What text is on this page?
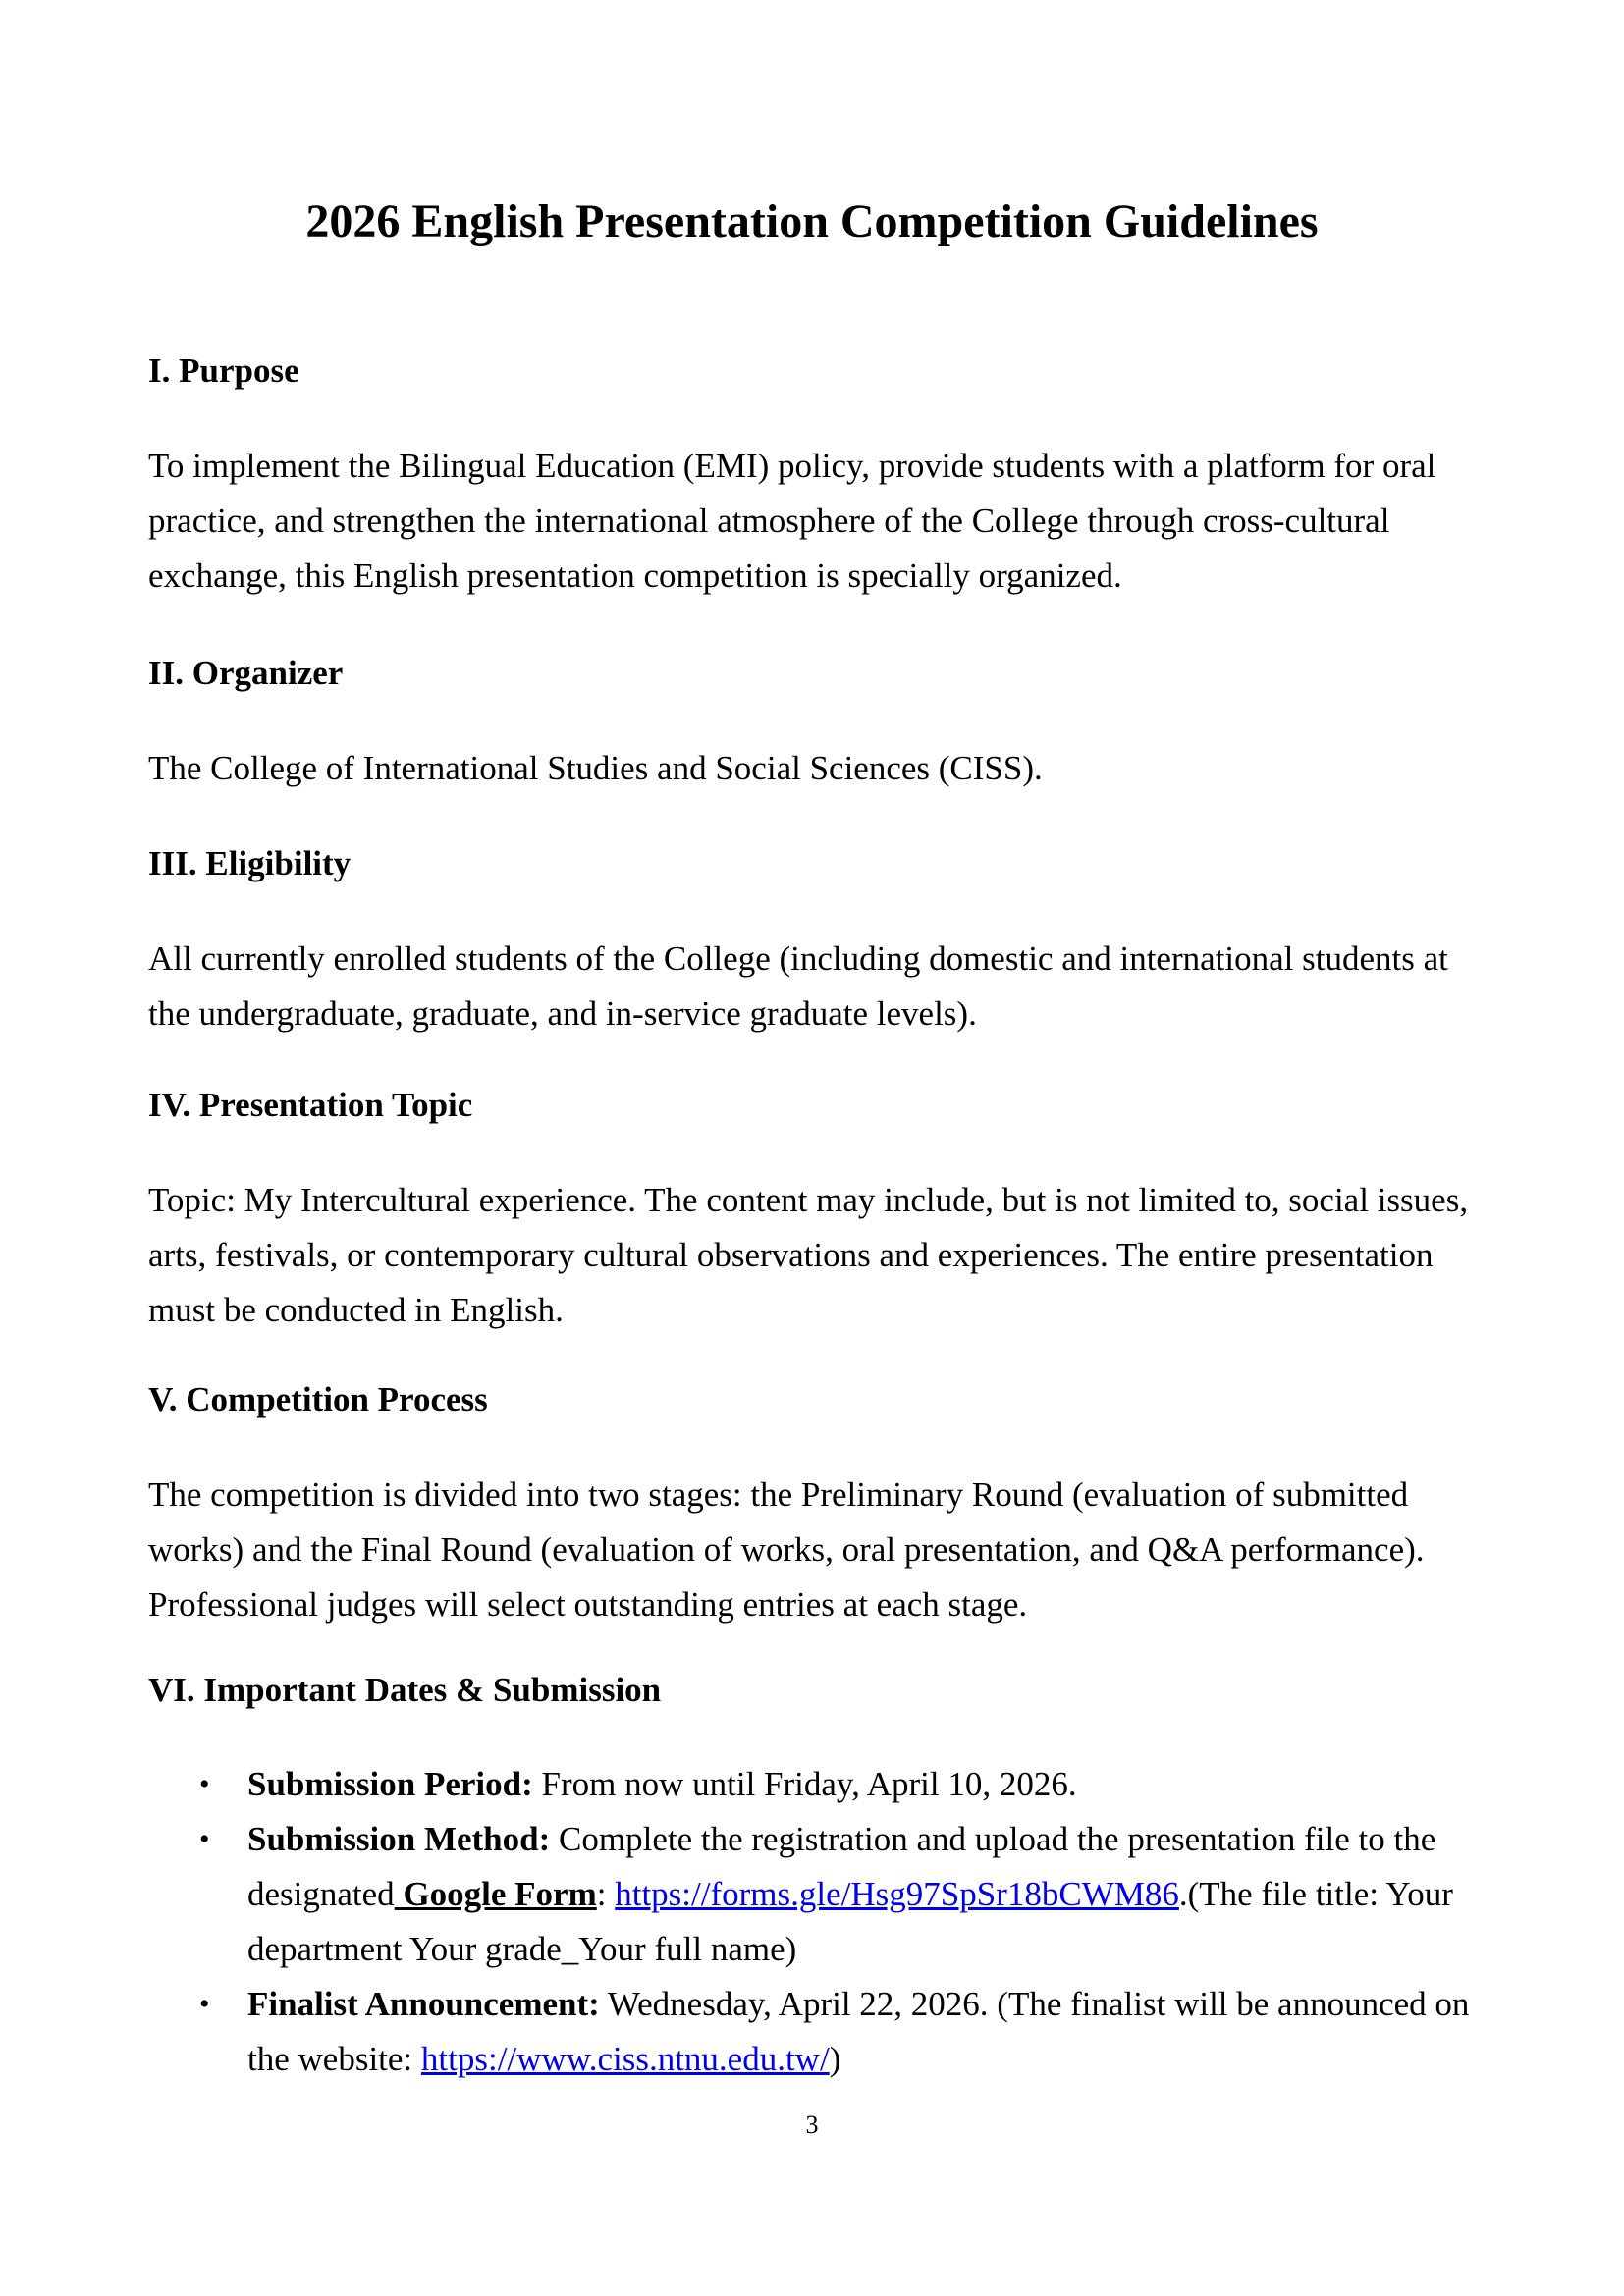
2026 English Presentation Competition Guidelines
I. Purpose

To implement the Bilingual Education (EMI) policy, provide students with a platform for oral practice, and strengthen the international atmosphere of the College through cross-cultural exchange, this English presentation competition is specially organized.

II. Organizer

The College of International Studies and Social Sciences (CISS).

III. Eligibility

All currently enrolled students of the College (including domestic and international students at the undergraduate, graduate, and in-service graduate levels).

IV. Presentation Topic

Topic: My Intercultural experience. The content may include, but is not limited to, social issues, arts, festivals, or contemporary cultural observations and experiences. The entire presentation must be conducted in English.

V. Competition Process

The competition is divided into two stages: the Preliminary Round (evaluation of submitted works) and the Final Round (evaluation of works, oral presentation, and Q&A performance). Professional judges will select outstanding entries at each stage.

VI. Important Dates & Submission
• Submission Period: From now until Friday, April 10, 2026.
• Submission Method: Complete the registration and upload the presentation file to the designated Google Form: https://forms.gle/Hsg97SpSr18bCWM86.(The file title: Your department Your grade_Your full name)
• Finalist Announcement: Wednesday, April 22, 2026. (The finalist will be announced on the website: https://www.ciss.ntnu.edu.tw/)
3
